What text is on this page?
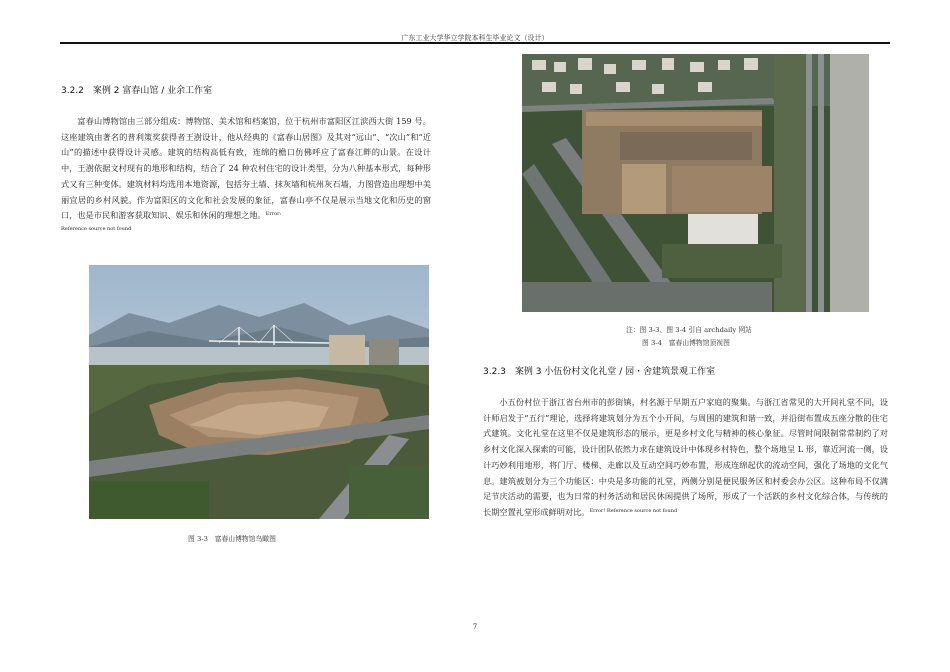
广东工业大学华立学院本科生毕业论文（设计）
3.2.2　案例 2 富春山馆 / 业余工作室
富春山博物馆由三部分组成：博物馆、美术馆和档案馆，位于杭州市富阳区江滨西大街 159 号。这座建筑由著名的普利策奖获得者王澍设计，他从经典的《富春山居图》及其对“远山”、“次山”和“近山”的描述中获得设计灵感。建筑的结构高低有致，连绵的檐口仿佛呼应了富春江畔的山景。在设计中，王澍依据文村现有的地形和结构，结合了 24 种农村住宅的设计类型，分为八种基本形式，每种形式又有三种变体。建筑材料均选用本地资源，包括夯土墙、抹灰墙和杭州灰石墙，力图营造出理想中美丽宜居的乡村风貌。作为富阳区的文化和社会发展的象征，富春山亭不仅是展示当地文化和历史的窗口，也是市民和游客获取知识、娱乐和休闲的理想之地。$^{Error:}$
Reference source not found
图 3-3　富春山博物馆鸟瞰图
注：图 3-3、图 3-4 引自 archdaily 网站
图 3-4　富春山博物馆顶视图
3.2.3　案例 3 小伍份村文化礼堂 / 园・舍建筑景观工作室
小五份村位于浙江省台州市的彭街镇，村名源于早期五户家庭的聚集。与浙江省常见的大开间礼堂不同，设计师启发于“五行”理论，选择将建筑划分为五个小开间，与周围的建筑和谐一致，并沿街布置成五座分散的住宅式建筑。文化礼堂在这里不仅是建筑形态的展示，更是乡村文化与精神的核心象征。尽管时间限制常常制约了对乡村文化深入探索的可能，设计团队依然力求在建筑设计中体现乡村特色，整个场地呈 L 形，靠近河流一侧，设计巧妙利用地形，将门厅、楼梯、走廊以及互动空间巧妙布置，形成连绵起伏的流动空间，强化了场地的文化气息。建筑被划分为三个功能区：中央是多功能的礼堂，两侧分别是便民服务区和村委会办公区。这种布局不仅满足节庆活动的需要，也为日常的村务活动和居民休闲提供了场所，形成了一个活跃的乡村文化综合体，与传统的长期空置礼堂形成鲜明对比。$^{Error! Reference source not found}$
7
